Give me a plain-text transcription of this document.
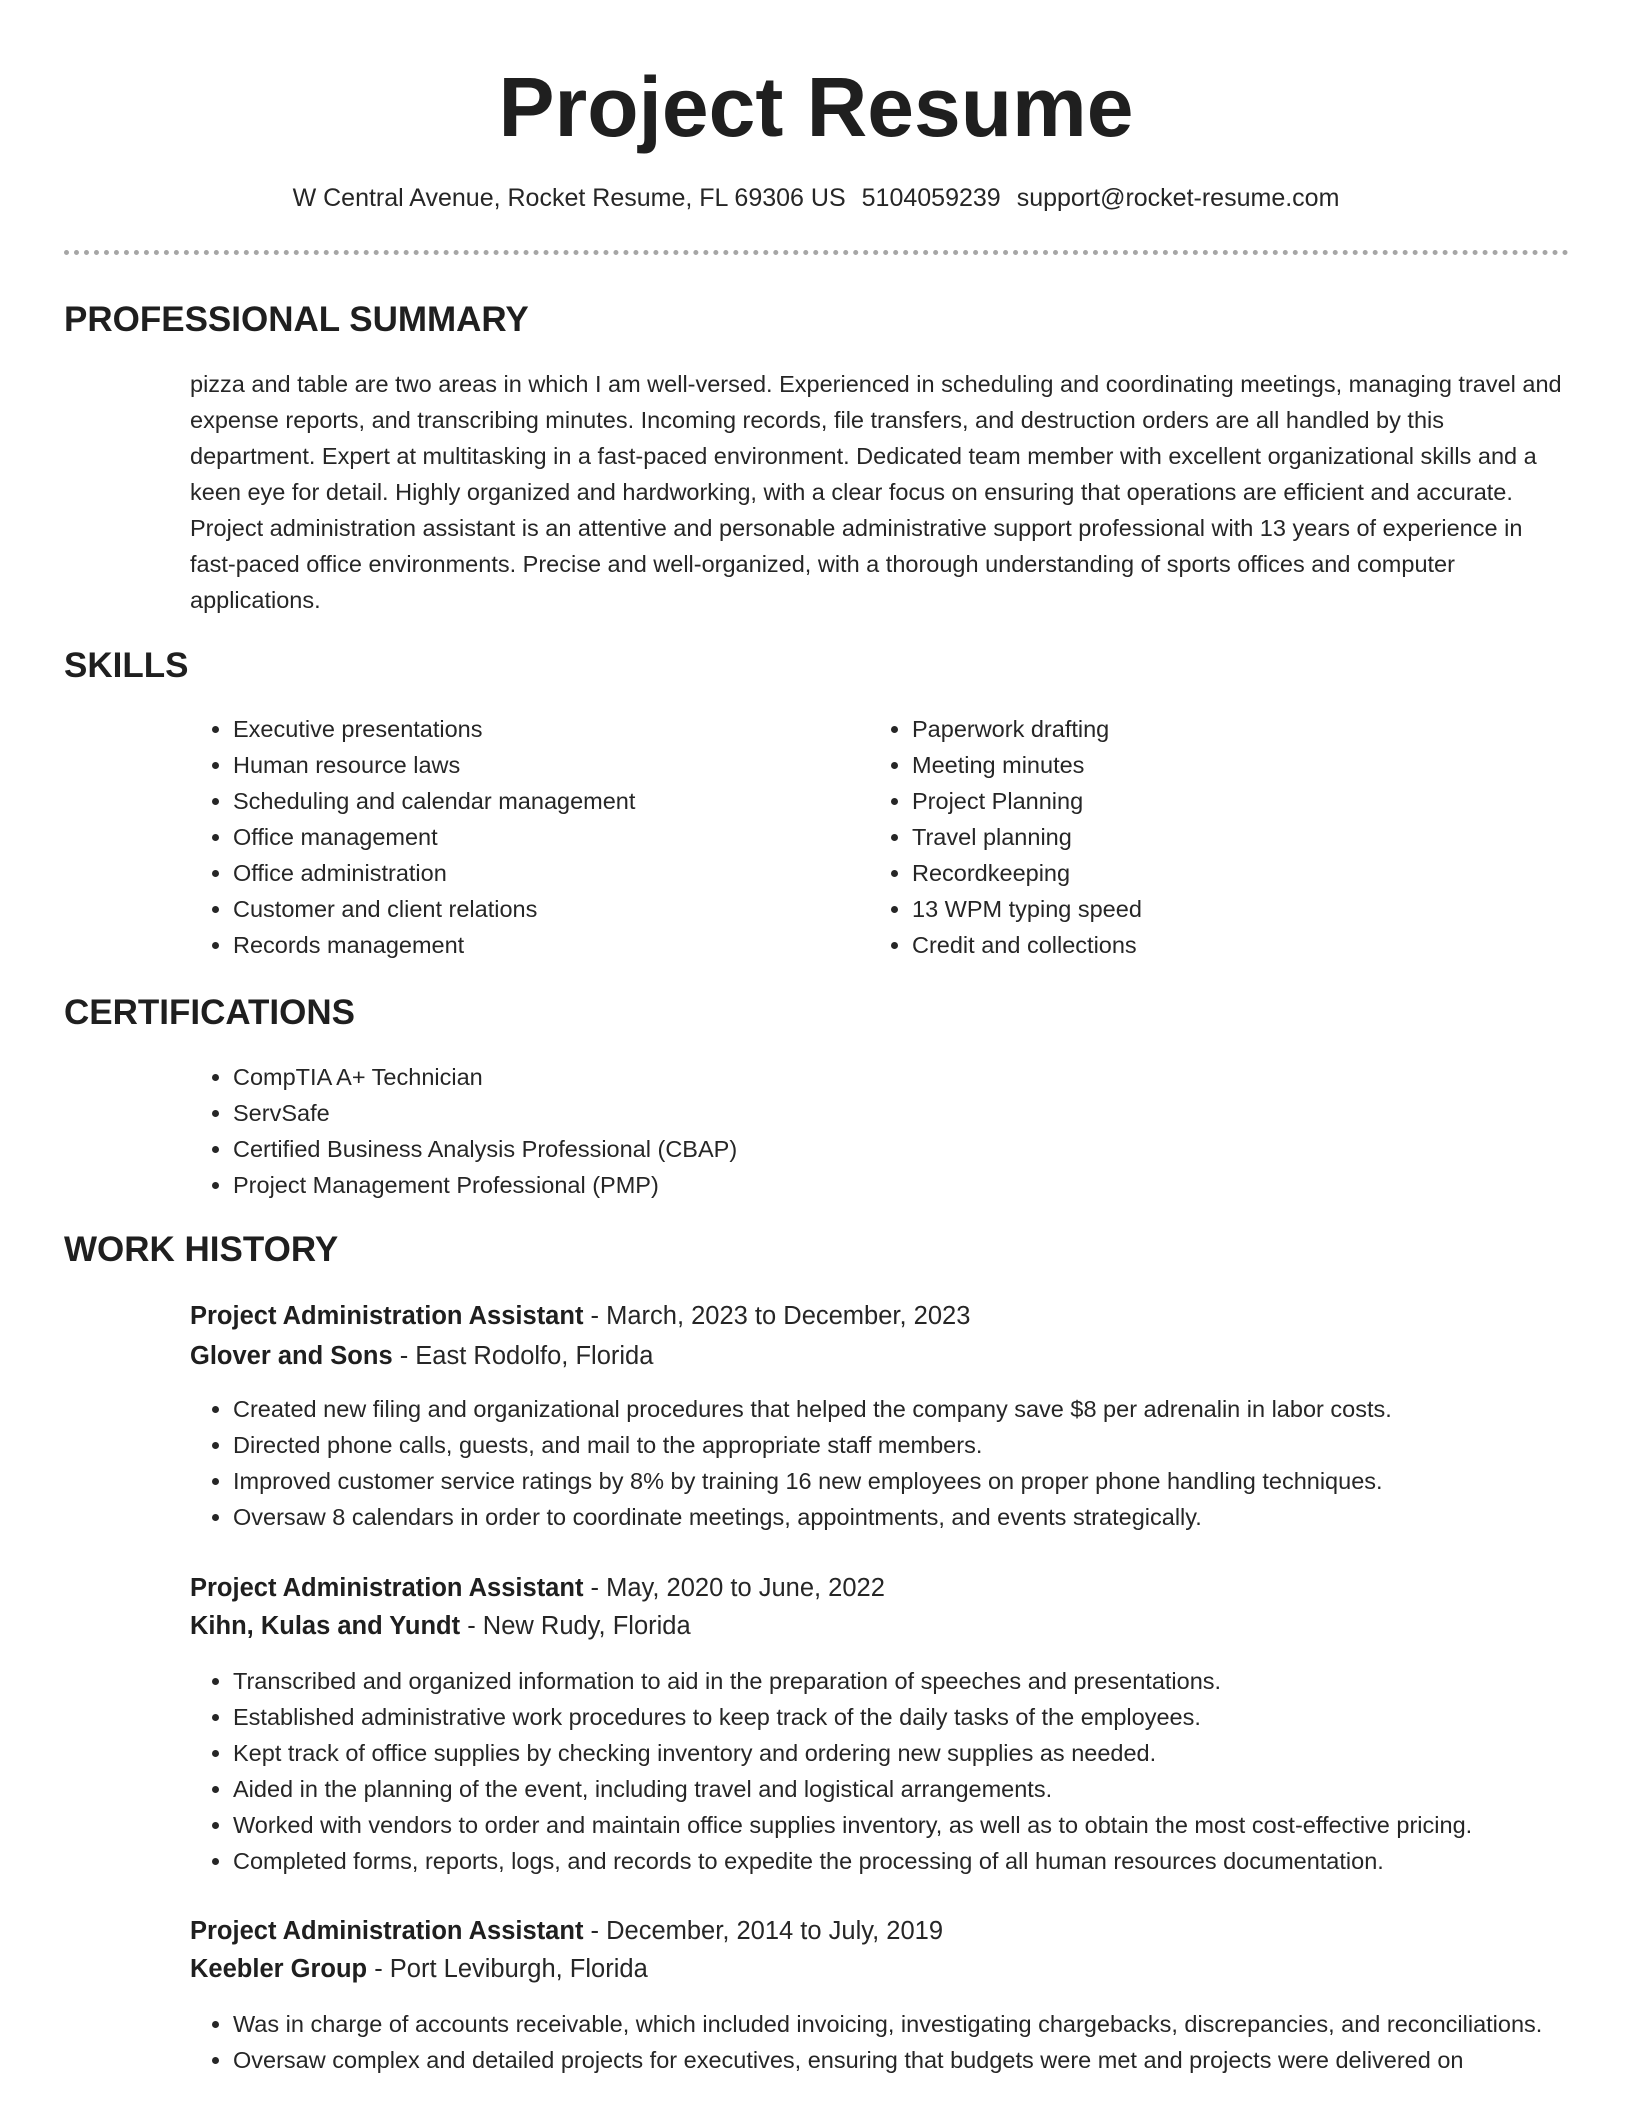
Project Resume
W Central Avenue, Rocket Resume, FL 69306 US 5104059239 support@rocket-resume.com
PROFESSIONAL SUMMARY

pizza and table are two areas in which I am well-versed. Experienced in scheduling and coordinating meetings, managing travel and expense reports, and transcribing minutes. Incoming records, file transfers, and destruction orders are all handled by this department. Expert at multitasking in a fast-paced environment. Dedicated team member with excellent organizational skills and a keen eye for detail. Highly organized and hardworking, with a clear focus on ensuring that operations are efficient and accurate. Project administration assistant is an attentive and personable administrative support professional with 13 years of experience in fast-paced office environments. Precise and well-organized, with a thorough understanding of sports offices and computer applications.

SKILLS
• Executive presentations
• Human resource laws
• Scheduling and calendar management
• Office management
• Office administration
• Customer and client relations
• Records management
• Paperwork drafting
• Meeting minutes
• Project Planning
• Travel planning
• Recordkeeping
• 13 WPM typing speed
• Credit and collections
CERTIFICATIONS
• CompTIA A+ Technician
• ServSafe
• Certified Business Analysis Professional (CBAP)
• Project Management Professional (PMP)
WORK HISTORY
Project Administration Assistant - March, 2023 to December, 2023
Glover and Sons - East Rodolfo, Florida
• Created new filing and organizational procedures that helped the company save $8 per adrenalin in labor costs.
• Directed phone calls, guests, and mail to the appropriate staff members.
• Improved customer service ratings by 8% by training 16 new employees on proper phone handling techniques.
• Oversaw 8 calendars in order to coordinate meetings, appointments, and events strategically.
Project Administration Assistant - May, 2020 to June, 2022
Kihn, Kulas and Yundt - New Rudy, Florida
• Transcribed and organized information to aid in the preparation of speeches and presentations.
• Established administrative work procedures to keep track of the daily tasks of the employees.
• Kept track of office supplies by checking inventory and ordering new supplies as needed.
• Aided in the planning of the event, including travel and logistical arrangements.
• Worked with vendors to order and maintain office supplies inventory, as well as to obtain the most cost-effective pricing.
• Completed forms, reports, logs, and records to expedite the processing of all human resources documentation.
Project Administration Assistant - December, 2014 to July, 2019
Keebler Group - Port Leviburgh, Florida
• Was in charge of accounts receivable, which included invoicing, investigating chargebacks, discrepancies, and reconciliations.
• Oversaw complex and detailed projects for executives, ensuring that budgets were met and projects were delivered on
